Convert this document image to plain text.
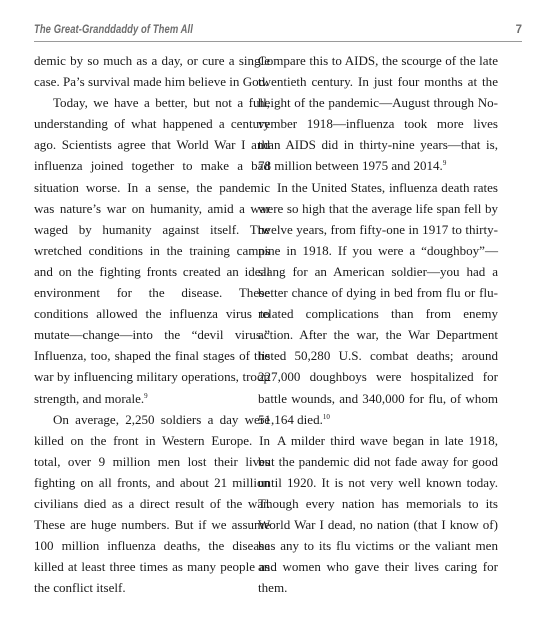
The Great-Granddaddy of Them All	7

demic by so much as a day, or cure a single case. Pa’s survival made him believe in God.

Today, we have a better, but not a full, understanding of what happened a century ago. Scientists agree that World War I and influenza joined together to make a bad situation worse. In a sense, the pandemic was nature’s war on humanity, amid a war waged by humanity against itself. The wretched conditions in the training camps and on the fighting fronts created an ideal environment for the disease. These conditions allowed the influenza virus to mutate—change—into the “devil virus.” Influenza, too, shaped the final stages of the war by influencing military operations, troop strength, and morale.$^9$

On average, 2,250 soldiers a day were killed on the front in Western Europe. In total, over 9 million men lost their lives fighting on all fronts, and about 21 million civilians died as a direct result of the war. These are huge numbers. But if we assume 100 million influenza deaths, the disease killed at least three times as many people as the conflict itself.

Compare this to AIDS, the scourge of the late twentieth century. In just four months at the height of the pandemic—August through November 1918—influenza took more lives than AIDS did in thirty-nine years—that is, 78 million between 1975 and 2014.$^9$

In the United States, influenza death rates were so high that the average life span fell by twelve years, from fifty-one in 1917 to thirty-nine in 1918. If you were a “doughboy”—slang for an American soldier—you had a better chance of dying in bed from flu or flu-related complications than from enemy action. After the war, the War Department listed 50,280 U.S. combat deaths; around 227,000 doughboys were hospitalized for battle wounds, and 340,000 for flu, of whom 51,164 died.$^{10}$

A milder third wave began in late 1918, but the pandemic did not fade away for good until 1920. It is not very well known today. Though every nation has memorials to its World War I dead, no nation (that I know of) has any to its flu victims or the valiant men and women who gave their lives caring for them.
